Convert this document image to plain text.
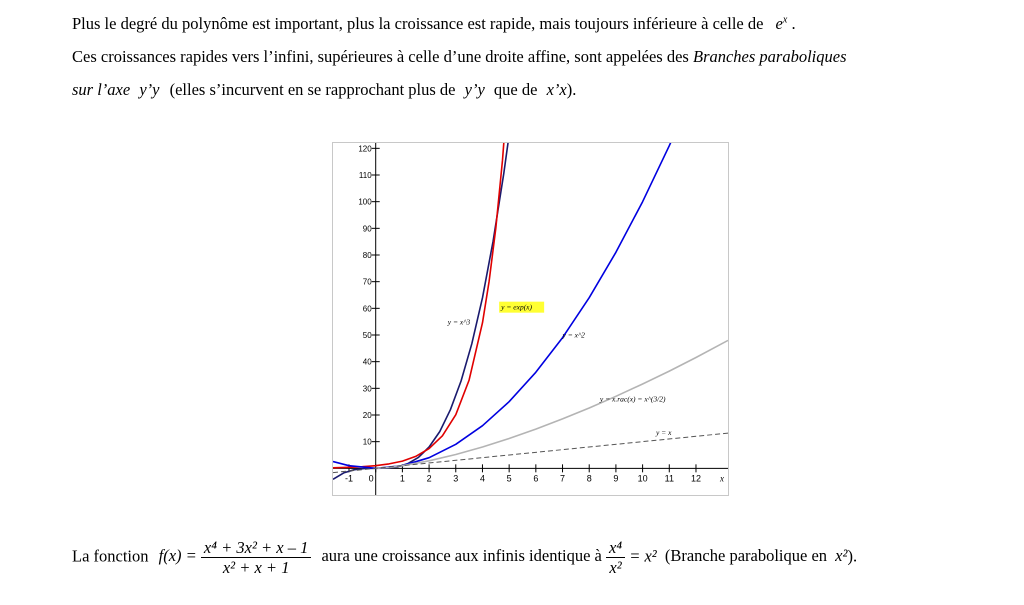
Plus le degré du polynôme est important, plus la croissance est rapide, mais toujours inférieure à celle de $e^x$ .
Ces croissances rapides vers l’infini, supérieures à celle d’une droite affine, sont appelées des Branches paraboliques
sur l’axe y’y (elles s’incurvent en se rapprochant plus de y’y que de x’x).
-1	1 2 3 4 5 6 7 8 9 10 11 12
0	x
10
20
30
40
50
60
70
80
90
100
110
120
y = x^3
y = exp(x)
y = x^2
y = x.rac(x) = x^(3/2)
y = x
La fonction $f(x) = \frac{\text{x⁴ + 3x² + x – 1}}{\text{x² + x + 1}}$ aura une croissance aux infinis identique à $\frac{\text{x⁴}}{\text{x²}} = x^2$ (Branche parabolique en x²).
